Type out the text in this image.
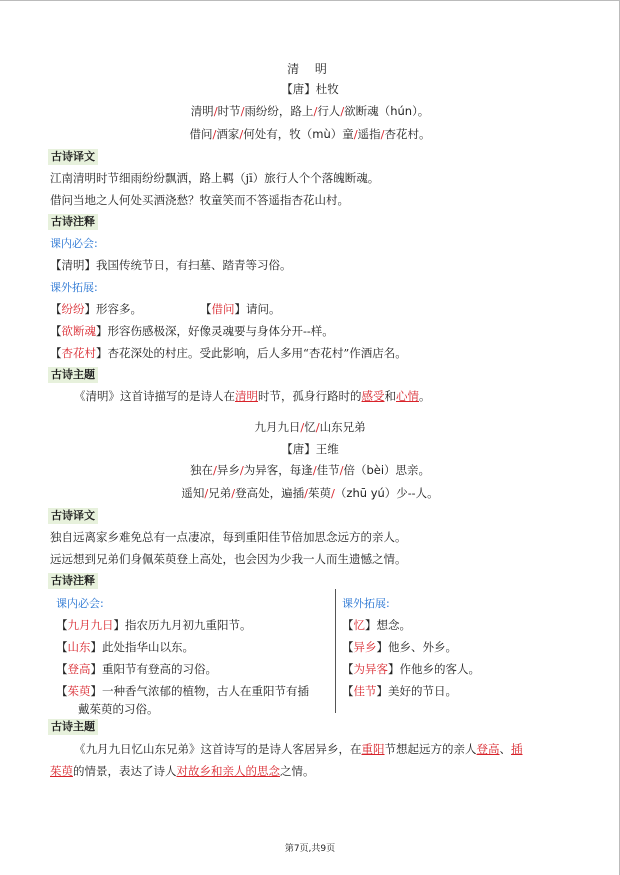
清 明
【唐】杜牧
清明/时节/雨纷纷，路上/行人/欲断魂（hún）。
借问/酒家/何处有，牧（mù）童/遥指/杏花村。
古诗译文
江南清明时节细雨纷纷飘洒，路上羁（jī）旅行人个个落魄断魂。
借问当地之人何处买酒浇愁？牧童笑而不答遥指杏花山村。
古诗注释
课内必会:
【清明】我国传统节日，有扫墓、踏青等习俗。
课外拓展:
【纷纷】形容多。	【借问】请问。
【欲断魂】形容伤感极深，好像灵魂要与身体分开--样。
【杏花村】杏花深处的村庄。受此影响，后人多用“杏花村”作酒店名。
古诗主题
《清明》这首诗描写的是诗人在清明时节，孤身行路时的感受和心情。
九月九日/忆/山东兄弟
【唐】王维
独在/异乡/为异客，每逢/佳节/倍（bèi）思亲。
遥知/兄弟/登高处，遍插/茱萸/（zhū yú）少--人。
古诗译文
独自远离家乡难免总有一点凄凉，每到重阳佳节倍加思念远方的亲人。
远远想到兄弟们身佩茱萸登上高处，也会因为少我一人而生遗憾之情。
古诗注释
课内必会:
【九月九日】指农历九月初九重阳节。
【山东】此处指华山以东。
【登高】重阳节有登高的习俗。
【茱萸】一种香气浓郁的植物，古人在重阳节有插
戴茱萸的习俗。
课外拓展:
【忆】想念。
【异乡】他乡、外乡。
【为异客】作他乡的客人。
【佳节】美好的节日。
古诗主题
《九月九日忆山东兄弟》这首诗写的是诗人客居异乡，在重阳节想起远方的亲人登高、插
茱萸的情景，表达了诗人对故乡和亲人的思念之情。
第7页,共9页
